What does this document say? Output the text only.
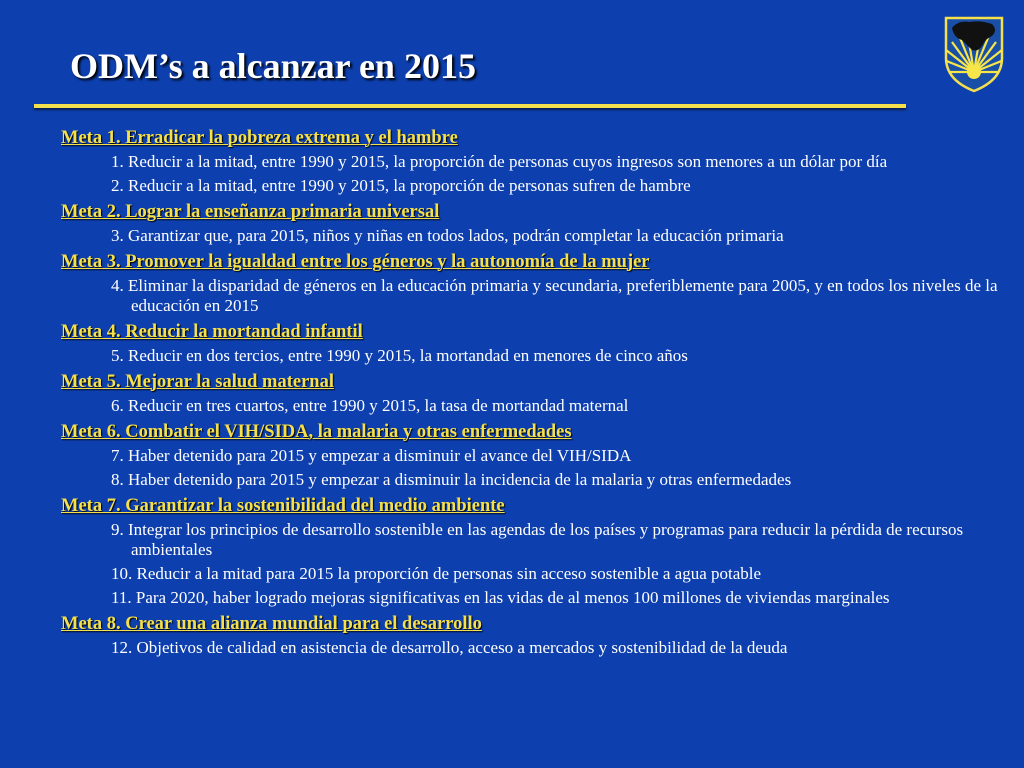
ODM’s a alcanzar en 2015
Meta 1. Erradicar la pobreza extrema y el hambre
1. Reducir a la mitad, entre 1990 y 2015, la proporción de personas cuyos ingresos son menores a un dólar por día
2. Reducir a la mitad, entre 1990 y 2015, la proporción de personas sufren de hambre
Meta 2. Lograr la enseñanza primaria universal
3. Garantizar que, para 2015, niños y niñas en todos lados, podrán completar la educación primaria
Meta 3. Promover la igualdad entre los géneros y la autonomía de la mujer
4. Eliminar la disparidad de géneros en la educación primaria y secundaria, preferiblemente para 2005, y en todos los niveles de la educación en 2015
Meta 4. Reducir la mortandad infantil
5. Reducir en dos tercios, entre 1990 y 2015, la mortandad en menores de cinco años
Meta 5. Mejorar la salud maternal
6. Reducir en tres cuartos, entre 1990 y 2015, la tasa de mortandad maternal
Meta 6. Combatir el VIH/SIDA, la malaria y otras enfermedades
7. Haber detenido para 2015 y empezar a disminuir el avance del VIH/SIDA
8. Haber detenido para 2015 y empezar a disminuir la incidencia de la malaria y otras enfermedades
Meta 7. Garantizar la sostenibilidad del medio ambiente
9. Integrar los principios de desarrollo sostenible en las agendas de los países y programas para reducir la pérdida de recursos ambientales
10. Reducir a la mitad para 2015 la proporción de personas sin acceso sostenible a agua potable
11. Para 2020, haber logrado mejoras significativas en las vidas de al menos 100 millones de viviendas marginales
Meta 8. Crear una alianza mundial para el desarrollo
12. Objetivos de calidad en asistencia de desarrollo, acceso a mercados y sostenibilidad de la deuda
